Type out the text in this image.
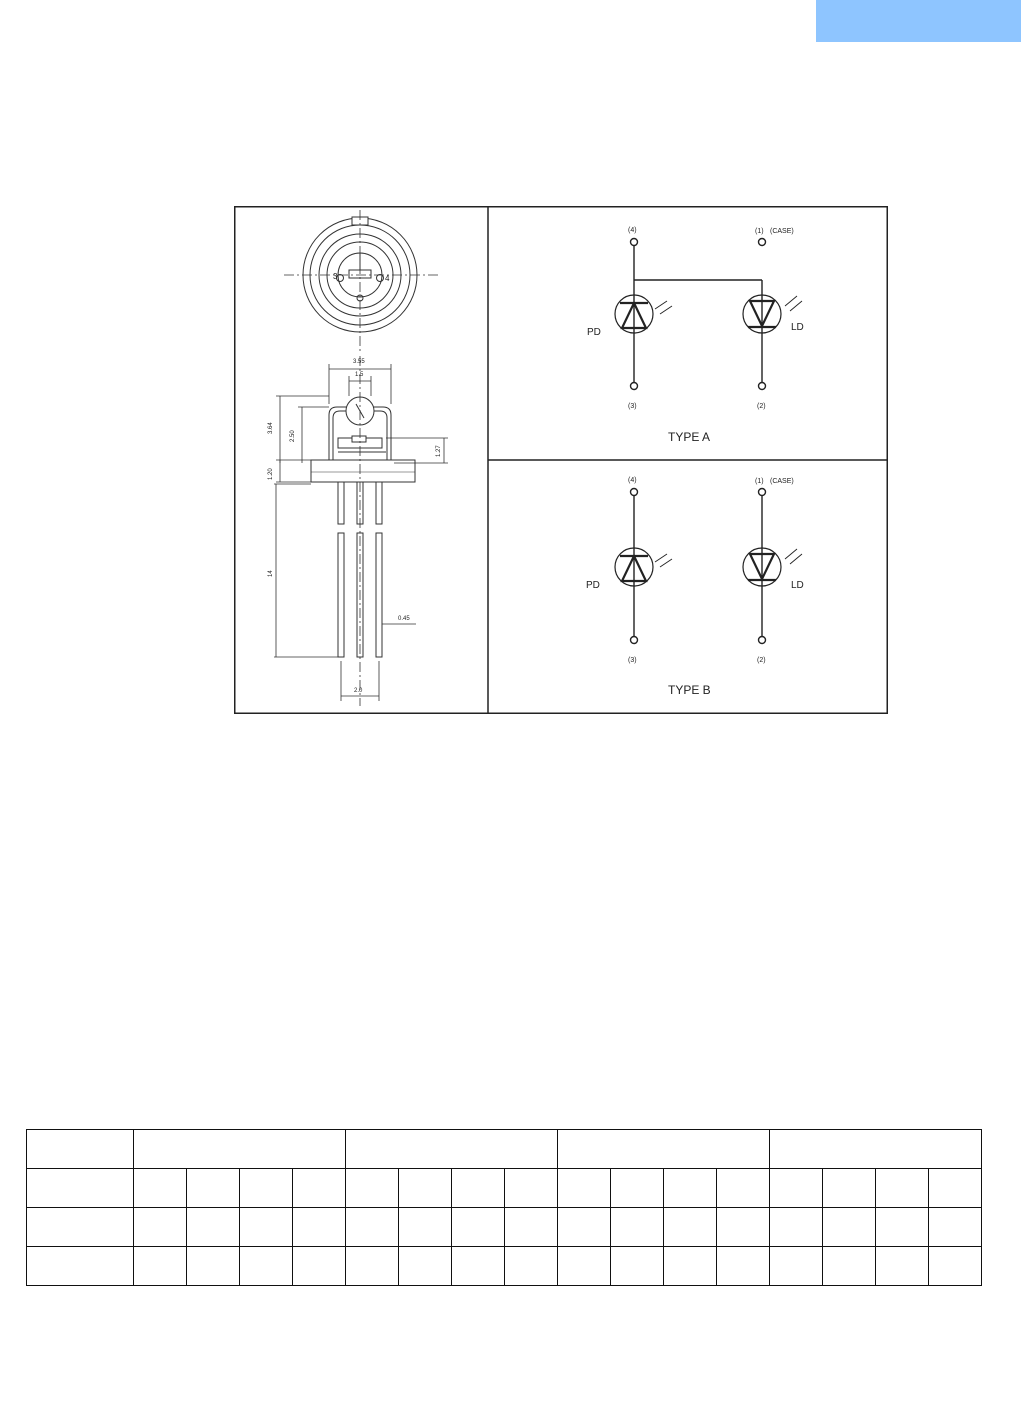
3	4
3.55
1.5
3.64
2.50
1.27
1.20
14
0.45
2.0
(4)	(1) (CASE)
PD	LD
(3)	(2)
TYPE A
(4)	(1) (CASE)
PD	LD
(3)	(2)
TYPE B
